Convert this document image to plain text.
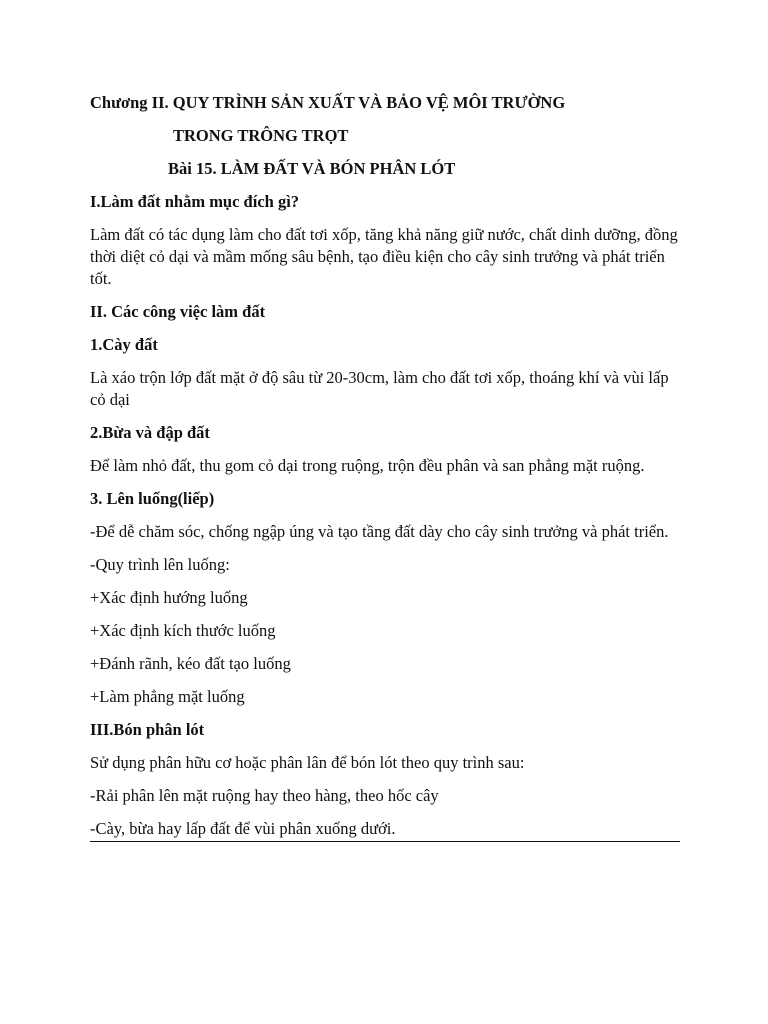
Chương II. QUY TRÌNH SẢN XUẤT VÀ BẢO VỆ MÔI TRƯỜNG

TRONG TRÔNG TRỌT

Bài 15. LÀM ĐẤT VÀ BÓN PHÂN LÓT

I.Làm đất nhằm mục đích gì?

Làm đất có tác dụng làm cho đất tơi xốp, tăng khả năng giữ nước, chất dinh dưỡng, đồng thời diệt cỏ dại và mầm mống sâu bệnh, tạo điều kiện cho cây sinh trưởng và phát triển tốt.

II. Các công việc làm đất

1.Cày đất

Là xáo trộn lớp đất mặt ở độ sâu từ 20-30cm, làm cho đất tơi xốp, thoáng khí và vùi lấp cỏ dại

2.Bừa và đập đất

Để làm nhỏ đất, thu gom cỏ dại trong ruộng, trộn đều phân và san phẳng mặt ruộng.

3. Lên luống(liếp)

-Để dễ chăm sóc, chống ngập úng và tạo tầng đất dày cho cây sinh trưởng và phát triển.

-Quy trình lên luống:

+Xác định hướng luống

+Xác định kích thước luống

+Đánh rãnh, kéo đất tạo luống

+Làm phẳng mặt luống

III.Bón phân lót

Sử dụng phân hữu cơ hoặc phân lân để bón lót theo quy trình sau:

-Rải phân lên mặt ruộng hay theo hàng, theo hốc cây

-Cày, bừa hay lấp đất để vùi phân xuống dưới.
